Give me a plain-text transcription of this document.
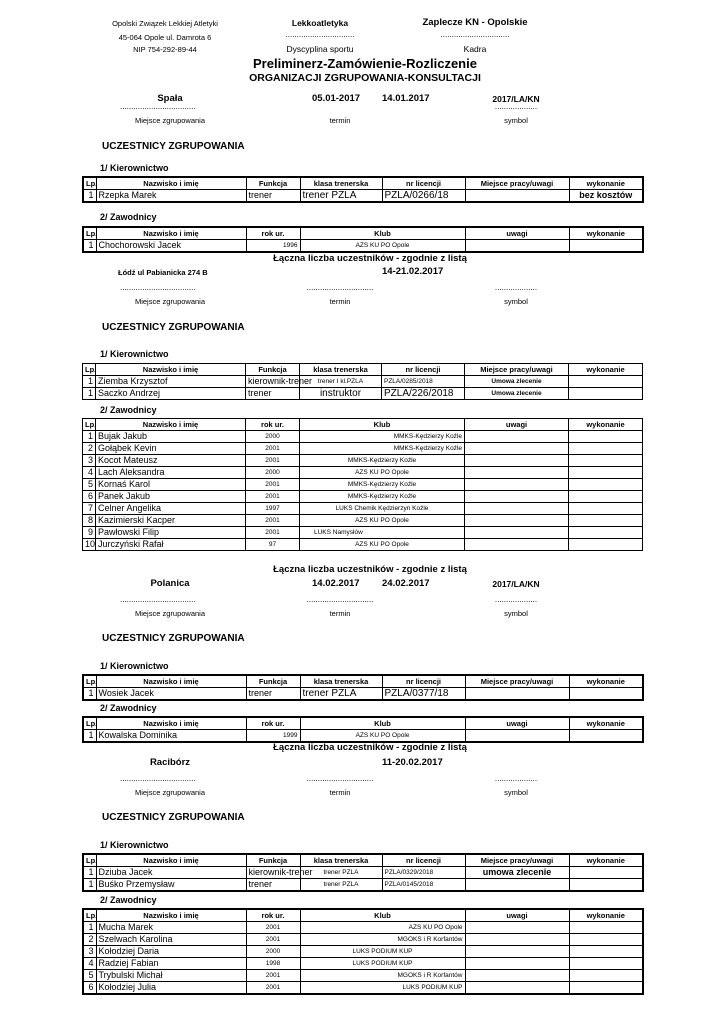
Opolski Związek Lekkiej Atletyki
45-064 Opole ul. Damrota 6
NIP 754-292-89-44
Lekkoatletyka
...............................
Dyscyplina sportu
Zaplecze KN - Opolskie
...............................
Kadra
Preliminerz-Zamówienie-Rozliczenie
ORGANIZACJI ZGRUPOWANIA-KONSULTACJI
Spała
..................................
Miejsce zgrupowania
05.01-2017 14.01.2017
termin
2017/LA/KN
...................
symbol
UCZESTNICY ZGRUPOWANIA
1/ Kierownictwo
Lp.	Nazwisko i imię	Funkcja	klasa trenerska	nr licencji	Miejsce pracy/uwagi	wykonanie
1	Rzepka Marek	trener	trener PZLA	PZLA/0266/18		bez kosztów
2/ Zawodnicy
Lp.	Nazwisko i imię	rok ur.	Klub	uwagi	wykonanie
1	Chochorowski Jacek	1996	AZS KU PO Opole		
Łączna liczba uczestników - zgodnie z listą
Łódź ul Pabianicka 274 B	14-21.02.2017
..................................	..............................	...................
Miejsce zgrupowania	termin	symbol
UCZESTNICY ZGRUPOWANIA
1/ Kierownictwo
Lp.	Nazwisko i imię	Funkcja	klasa trenerska	nr licencji	Miejsce pracy/uwagi	wykonanie
1	Ziemba Krzysztof	kierownik-trener	trener I kl.PZLA	PZLA/0285/2018	Umowa zlecenie	
1	Saczko Andrzej	trener	instruktor	PZLA/226/2018	Umowa zlecenie	
2/ Zawodnicy
Lp.	Nazwisko i imię	rok ur.	Klub	uwagi	wykonanie
1	Bujak Jakub	2000	MMKS-Kędzierzy Koźle		
2	Gołąbek Kevin	2001	MMKS-Kędzierzy Koźle		
3	Kocot Mateusz	2001	MMKS-Kędzierzy Koźle		
4	Lach Aleksandra	2000	AZS KU PO Opole		
5	Kornaś Karol	2001	MMKS-Kędzierzy Koźle		
6	Panek Jakub	2001	MMKS-Kędzierzy Koźle		
7	Celner Angelika	1997	LUKS Chemik Kędzierzyn Koźle		
8	Kazimierski Kacper	2001	AZS KU PO Opole		
9	Pawłowski Filip	2001	LUKS Namysłów		
10	Jurczyński Rafał	97	AZS KU PO Opole		
Łączna liczba uczestników - zgodnie z listą
Polanica	14.02.2017 24.02.2017	2017/LA/KN
..................................	..............................	...................
Miejsce zgrupowania	termin	symbol
UCZESTNICY ZGRUPOWANIA
1/ Kierownictwo
Lp.	Nazwisko i imię	Funkcja	klasa trenerska	nr licencji	Miejsce pracy/uwagi	wykonanie
1	Wosiek Jacek	trener	trener PZLA	PZLA/0377/18		
2/ Zawodnicy
Lp.	Nazwisko i imię	rok ur.	Klub	uwagi	wykonanie
1	Kowalska Dominika	1999	AZS KU PO Opole		
Łączna liczba uczestników - zgodnie z listą
Racibórz	11-20.02.2017
..................................	..............................	...................
Miejsce zgrupowania	termin	symbol
UCZESTNICY ZGRUPOWANIA
1/ Kierownictwo
Lp.	Nazwisko i imię	Funkcja	klasa trenerska	nr licencji	Miejsce pracy/uwagi	wykonanie
1	Dziuba Jacek	kierownik-trener	trener PZLA	PZLA/0329/2018	umowa zlecenie	
1	Buśko Przemysław	trener	trener PZLA	PZLA/0145/2018		
2/ Zawodnicy
Lp.	Nazwisko i imię	rok ur.	Klub	uwagi	wykonanie
1	Mucha Marek	2001	AZS KU PO Opole		
2	Szelwach Karolina	2001	MGOKS i R Korfantów		
3	Kołodziej Daria	2000	LUKS PODIUM KUP		
4	Radziej Fabian	1998	LUKS PODIUM KUP		
5	Trybulski Michał	2001	MGOKS i R Korfantów		
6	Kołodziej Julia	2001	LUKS PODIUM KUP		
